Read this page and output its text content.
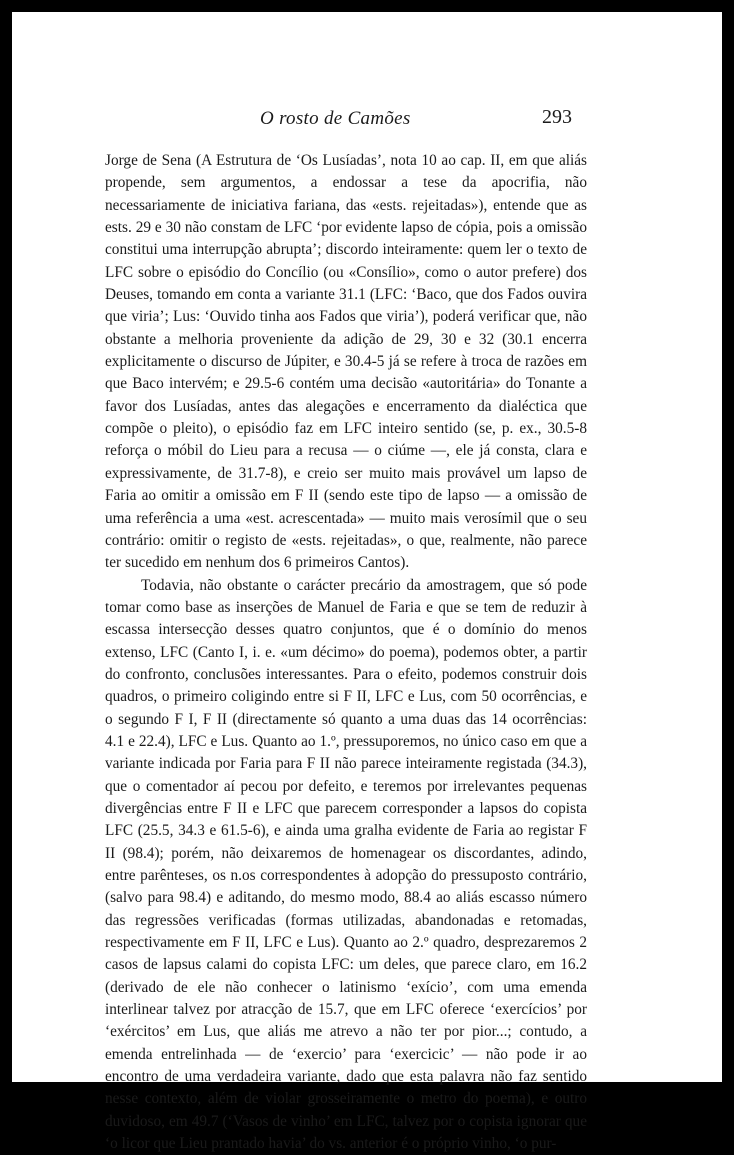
O rosto de Camões	293

Jorge de Sena (A Estrutura de ‘Os Lusíadas’, nota 10 ao cap. II, em que aliás propende, sem argumentos, a endossar a tese da apocrifia, não necessariamente de iniciativa fariana, das «ests. rejeitadas»), entende que as ests. 29 e 30 não constam de LFC ‘por evidente lapso de cópia, pois a omissão constitui uma interrupção abrupta’; discordo inteiramente: quem ler o texto de LFC sobre o episódio do Concílio (ou «Consílio», como o autor prefere) dos Deuses, tomando em conta a variante 31.1 (LFC: ‘Baco, que dos Fados ouvira que viria’; Lus: ‘Ouvido tinha aos Fados que viria’), poderá verificar que, não obstante a melhoria proveniente da adição de 29, 30 e 32 (30.1 encerra explicitamente o discurso de Júpiter, e 30.4-5 já se refere à troca de razões em que Baco intervém; e 29.5-6 contém uma decisão «autoritária» do Tonante a favor dos Lusíadas, antes das alegações e encerramento da dialéctica que compõe o pleito), o episódio faz em LFC inteiro sentido (se, p. ex., 30.5-8 reforça o móbil do Lieu para a recusa — o ciúme —, ele já consta, clara e expressivamente, de 31.7-8), e creio ser muito mais provável um lapso de Faria ao omitir a omissão em F II (sendo este tipo de lapso — a omissão de uma referência a uma «est. acrescentada» — muito mais verosímil que o seu contrário: omitir o registo de «ests. rejeitadas», o que, realmente, não parece ter sucedido em nenhum dos 6 primeiros Cantos).

Todavia, não obstante o carácter precário da amostragem, que só pode tomar como base as inserções de Manuel de Faria e que se tem de reduzir à escassa intersecção desses quatro conjuntos, que é o domínio do menos extenso, LFC (Canto I, i. e. «um décimo» do poema), podemos obter, a partir do confronto, conclusões interessantes. Para o efeito, podemos construir dois quadros, o primeiro coligindo entre si F II, LFC e Lus, com 50 ocorrências, e o segundo F I, F II (directamente só quanto a uma duas das 14 ocorrências: 4.1 e 22.4), LFC e Lus. Quanto ao 1.º, pressuporemos, no único caso em que a variante indicada por Faria para F II não parece inteiramente registada (34.3), que o comentador aí pecou por defeito, e teremos por irrelevantes pequenas divergências entre F II e LFC que parecem corresponder a lapsos do copista LFC (25.5, 34.3 e 61.5-6), e ainda uma gralha evidente de Faria ao registar F II (98.4); porém, não deixaremos de homenagear os discordantes, adindo, entre parênteses, os n.os correspondentes à adopção do pressuposto contrário, (salvo para 98.4) e aditando, do mesmo modo, 88.4 ao aliás escasso número das regressões verificadas (formas utilizadas, abandonadas e retomadas, respectivamente em F II, LFC e Lus). Quanto ao 2.º quadro, desprezaremos 2 casos de lapsus calami do copista LFC: um deles, que parece claro, em 16.2 (derivado de ele não conhecer o latinismo ‘exício’, com uma emenda interlinear talvez por atracção de 15.7, que em LFC oferece ‘exercícios’ por ‘exércitos’ em Lus, que aliás me atrevo a não ter por pior...; contudo, a emenda entrelinhada — de ‘exercio’ para ‘exercicic’ — não pode ir ao encontro de uma verdadeira variante, dado que esta palavra não faz sentido nesse contexto, além de violar grosseiramente o metro do poema), e outro duvidoso, em 49.7 (‘Vasos de vinho’ em LFC, talvez por o copista ignorar que ‘o licor que Lieu prantado havia’ do vs. anterior é o próprio vinho, ‘o pur-
